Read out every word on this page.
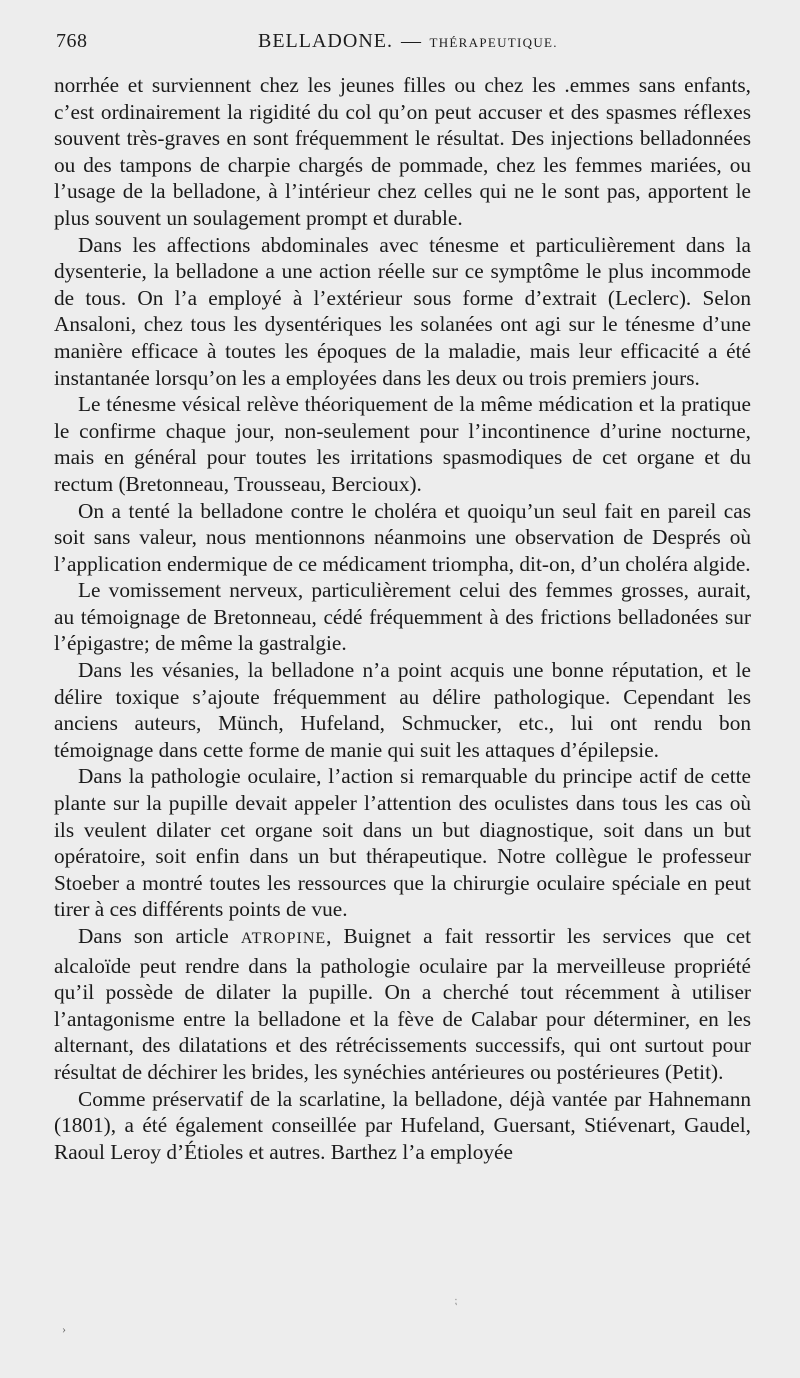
768	BELLADONE. — THÉRAPEUTIQUE.

norrhée et surviennent chez les jeunes filles ou chez les .emmes sans enfants, c’est ordinairement la rigidité du col qu’on peut accuser et des spasmes réflexes souvent très-graves en sont fréquemment le résultat. Des injections belladonnées ou des tampons de charpie chargés de pommade, chez les femmes mariées, ou l’usage de la belladone, à l’intérieur chez celles qui ne le sont pas, apportent le plus souvent un soulagement prompt et durable.

Dans les affections abdominales avec ténesme et particulièrement dans la dysenterie, la belladone a une action réelle sur ce symptôme le plus incommode de tous. On l’a employé à l’extérieur sous forme d’extrait (Leclerc). Selon Ansaloni, chez tous les dysentériques les solanées ont agi sur le ténesme d’une manière efficace à toutes les époques de la maladie, mais leur efficacité a été instantanée lorsqu’on les a employées dans les deux ou trois premiers jours.

Le ténesme vésical relève théoriquement de la même médication et la pratique le confirme chaque jour, non-seulement pour l’incontinence d’urine nocturne, mais en général pour toutes les irritations spasmodiques de cet organe et du rectum (Bretonneau, Trousseau, Bercioux).

On a tenté la belladone contre le choléra et quoiqu’un seul fait en pareil cas soit sans valeur, nous mentionnons néanmoins une observation de Després où l’application endermique de ce médicament triompha, dit-on, d’un choléra algide.

Le vomissement nerveux, particulièrement celui des femmes grosses, aurait, au témoignage de Bretonneau, cédé fréquemment à des frictions belladonées sur l’épigastre; de même la gastralgie.

Dans les vésanies, la belladone n’a point acquis une bonne réputation, et le délire toxique s’ajoute fréquemment au délire pathologique. Cependant les anciens auteurs, Münch, Hufeland, Schmucker, etc., lui ont rendu bon témoignage dans cette forme de manie qui suit les attaques d’épilepsie.

Dans la pathologie oculaire, l’action si remarquable du principe actif de cette plante sur la pupille devait appeler l’attention des oculistes dans tous les cas où ils veulent dilater cet organe soit dans un but diagnostique, soit dans un but opératoire, soit enfin dans un but thérapeutique. Notre collègue le professeur Stoeber a montré toutes les ressources que la chirurgie oculaire spéciale en peut tirer à ces différents points de vue.

Dans son article ATROPINE, Buignet a fait ressortir les services que cet alcaloïde peut rendre dans la pathologie oculaire par la merveilleuse propriété qu’il possède de dilater la pupille. On a cherché tout récemment à utiliser l’antagonisme entre la belladone et la fève de Calabar pour déterminer, en les alternant, des dilatations et des rétrécissements successifs, qui ont surtout pour résultat de déchirer les brides, les synéchies antérieures ou postérieures (Petit).

Comme préservatif de la scarlatine, la belladone, déjà vantée par Hahnemann (1801), a été également conseillée par Hufeland, Guersant, Stiévenart, Gaudel, Raoul Leroy d’Étioles et autres. Barthez l’a employée

⁏
›
